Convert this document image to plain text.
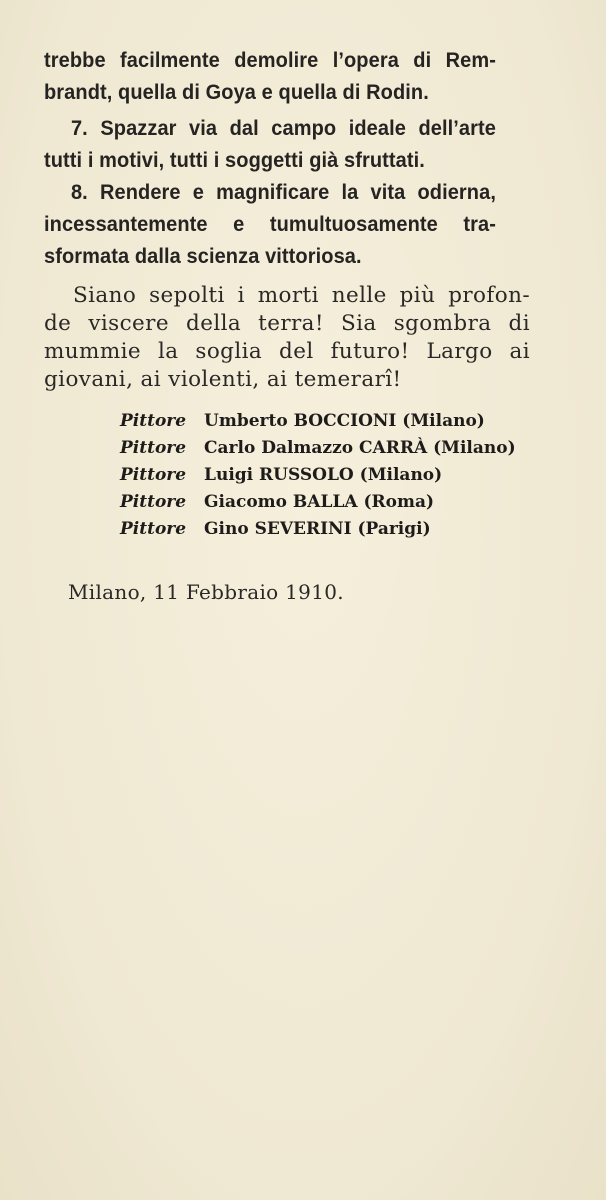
trebbe facilmente demolire l’opera di Rem-
brandt, quella di Goya e quella di Rodin.
7. Spazzar via dal campo ideale dell’arte
tutti i motivi, tutti i soggetti già sfruttati.
8. Rendere e magnificare la vita odierna,
incessantemente e tumultuosamente tra-
sformata dalla scienza vittoriosa.
Siano sepolti i morti nelle più profon-
de viscere della terra! Sia sgombra di
mummie la soglia del futuro! Largo ai
giovani, ai violenti, ai temerarî!
Pittore Umberto BOCCIONI (Milano)
Pittore Carlo Dalmazzo CARRÀ (Milano)
Pittore Luigi RUSSOLO (Milano)
Pittore Giacomo BALLA (Roma)
Pittore Gino SEVERINI (Parigi)
Milano, 11 Febbraio 1910.
